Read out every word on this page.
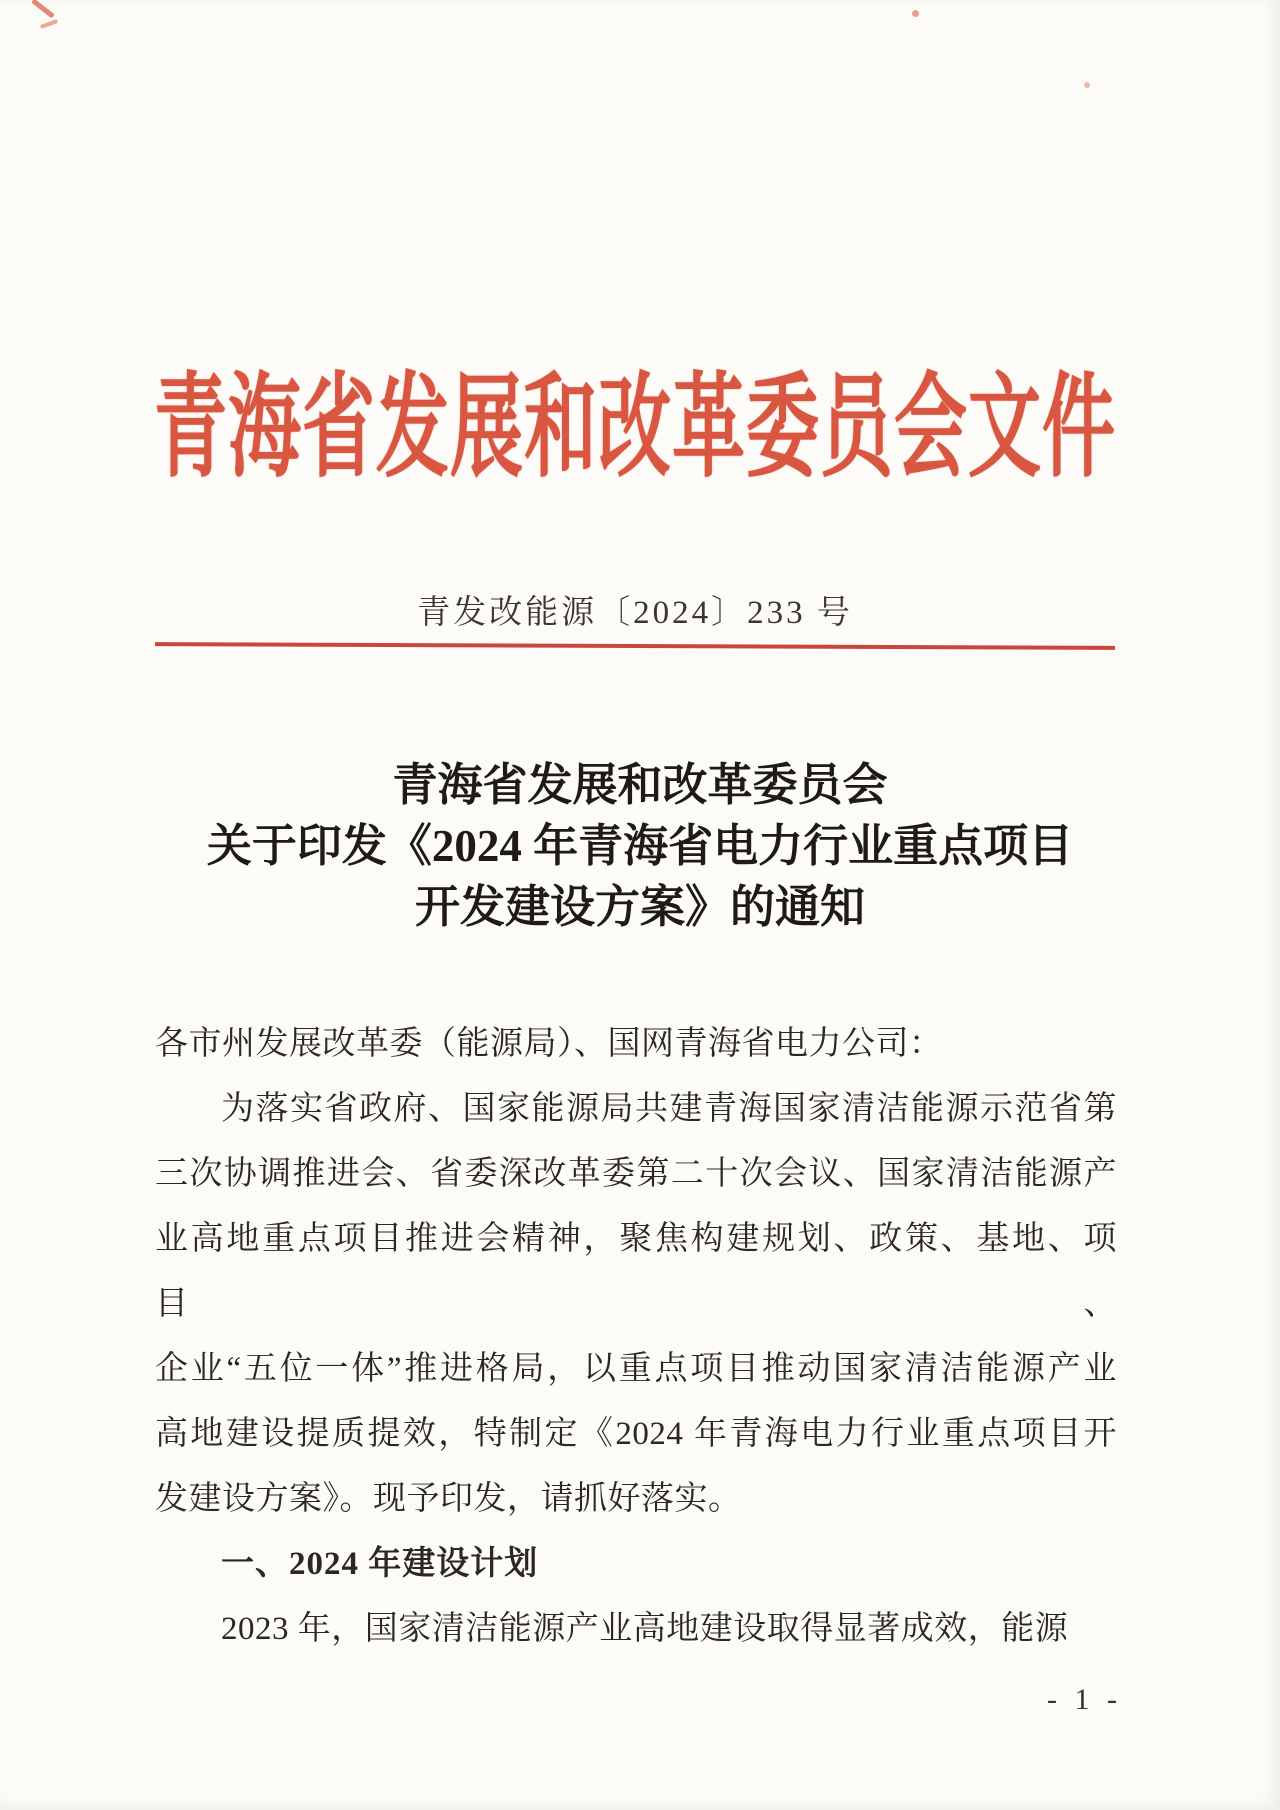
青海省发展和改革委员会文件
青发改能源〔2024〕233 号
青海省发展和改革委员会
关于印发《2024 年青海省电力行业重点项目
开发建设方案》的通知
各市州发展改革委（能源局）、国网青海省电力公司：
为落实省政府、国家能源局共建青海国家清洁能源示范省第
三次协调推进会、省委深改革委第二十次会议、国家清洁能源产
业高地重点项目推进会精神，聚焦构建规划、政策、基地、项目、
企业“五位一体”推进格局，以重点项目推动国家清洁能源产业
高地建设提质提效，特制定《2024 年青海电力行业重点项目开
发建设方案》。现予印发，请抓好落实。
一、2024 年建设计划
2023 年，国家清洁能源产业高地建设取得显著成效，能源
- 1 -
